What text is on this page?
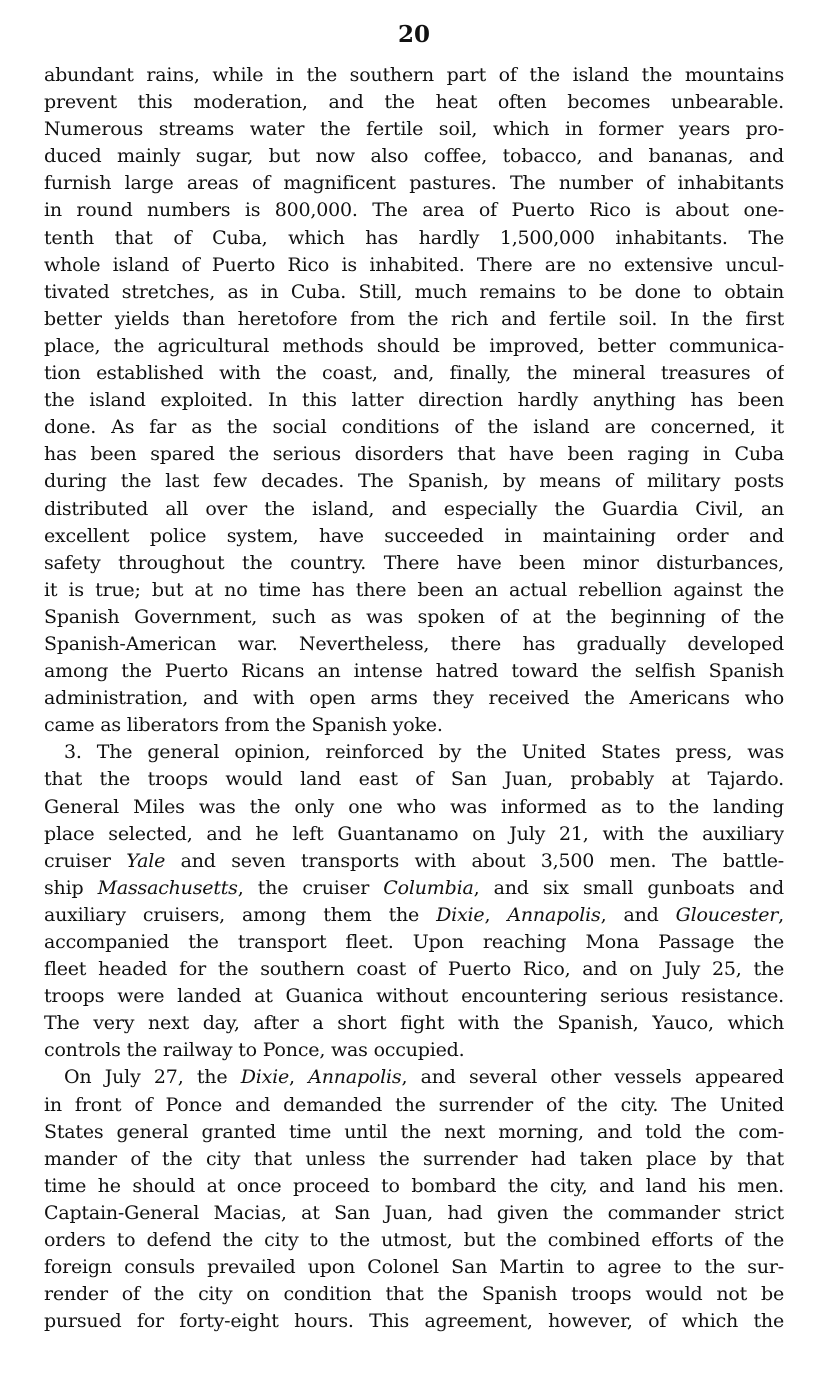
20
abundant rains, while in the southern part of the island the mountains
prevent this moderation, and the heat often becomes unbearable.
Numerous streams water the fertile soil, which in former years pro-
duced mainly sugar, but now also coffee, tobacco, and bananas, and
furnish large areas of magnificent pastures. The number of inhabitants
in round numbers is 800,000. The area of Puerto Rico is about one-
tenth that of Cuba, which has hardly 1,500,000 inhabitants. The
whole island of Puerto Rico is inhabited. There are no extensive uncul-
tivated stretches, as in Cuba. Still, much remains to be done to obtain
better yields than heretofore from the rich and fertile soil. In the first
place, the agricultural methods should be improved, better communica-
tion established with the coast, and, finally, the mineral treasures of
the island exploited. In this latter direction hardly anything has been
done. As far as the social conditions of the island are concerned, it
has been spared the serious disorders that have been raging in Cuba
during the last few decades. The Spanish, by means of military posts
distributed all over the island, and especially the Guardia Civil, an
excellent police system, have succeeded in maintaining order and
safety throughout the country. There have been minor disturbances,
it is true; but at no time has there been an actual rebellion against the
Spanish Government, such as was spoken of at the beginning of the
Spanish-American war. Nevertheless, there has gradually developed
among the Puerto Ricans an intense hatred toward the selfish Spanish
administration, and with open arms they received the Americans who
came as liberators from the Spanish yoke.
3. The general opinion, reinforced by the United States press, was
that the troops would land east of San Juan, probably at Tajardo.
General Miles was the only one who was informed as to the landing
place selected, and he left Guantanamo on July 21, with the auxiliary
cruiser Yale and seven transports with about 3,500 men. The battle-
ship Massachusetts, the cruiser Columbia, and six small gunboats and
auxiliary cruisers, among them the Dixie, Annapolis, and Gloucester,
accompanied the transport fleet. Upon reaching Mona Passage the
fleet headed for the southern coast of Puerto Rico, and on July 25, the
troops were landed at Guanica without encountering serious resistance.
The very next day, after a short fight with the Spanish, Yauco, which
controls the railway to Ponce, was occupied.
On July 27, the Dixie, Annapolis, and several other vessels appeared
in front of Ponce and demanded the surrender of the city. The United
States general granted time until the next morning, and told the com-
mander of the city that unless the surrender had taken place by that
time he should at once proceed to bombard the city, and land his men.
Captain-General Macias, at San Juan, had given the commander strict
orders to defend the city to the utmost, but the combined efforts of the
foreign consuls prevailed upon Colonel San Martin to agree to the sur-
render of the city on condition that the Spanish troops would not be
pursued for forty-eight hours. This agreement, however, of which the
